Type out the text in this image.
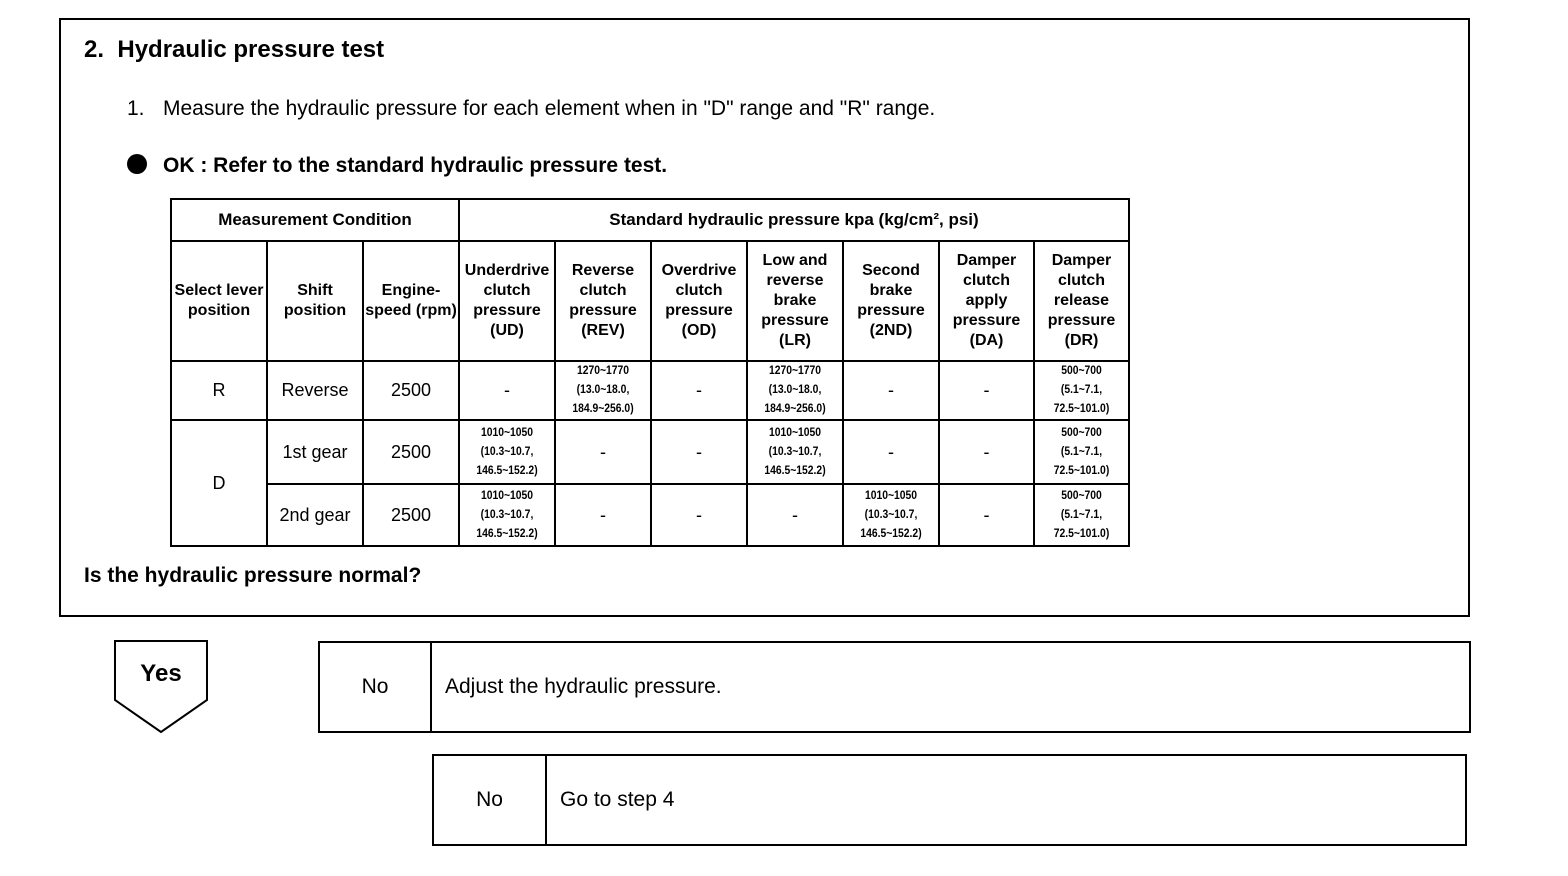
2. Hydraulic pressure test
1. Measure the hydraulic pressure for each element when in "D" range and "R" range.
OK : Refer to the standard hydraulic pressure test.
Measurement Condition			Standard hydraulic pressure kpa (kg/cm², psi)						
Select lever position	Shift position	Engine- speed (rpm)	Underdrive clutch pressure (UD)	Reverse clutch pressure (REV)	Overdrive clutch pressure (OD)	Low and reverse brake pressure (LR)	Second brake pressure (2ND)	Damper clutch apply pressure (DA)	Damper clutch release pressure (DR)
R	Reverse	2500	-	1270~1770 (13.0~18.0, 184.9~256.0)	-	1270~1770 (13.0~18.0, 184.9~256.0)	-	-	500~700 (5.1~7.1, 72.5~101.0)
D	1st gear	2500	1010~1050 (10.3~10.7, 146.5~152.2)	-	-	1010~1050 (10.3~10.7, 146.5~152.2)	-	-	500~700 (5.1~7.1, 72.5~101.0)
	2nd gear	2500	1010~1050 (10.3~10.7, 146.5~152.2)	-	-	-	1010~1050 (10.3~10.7, 146.5~152.2)	-	500~700 (5.1~7.1, 72.5~101.0)
Is the hydraulic pressure normal?
Yes	No	Adjust the hydraulic pressure.
No	Go to step 4
